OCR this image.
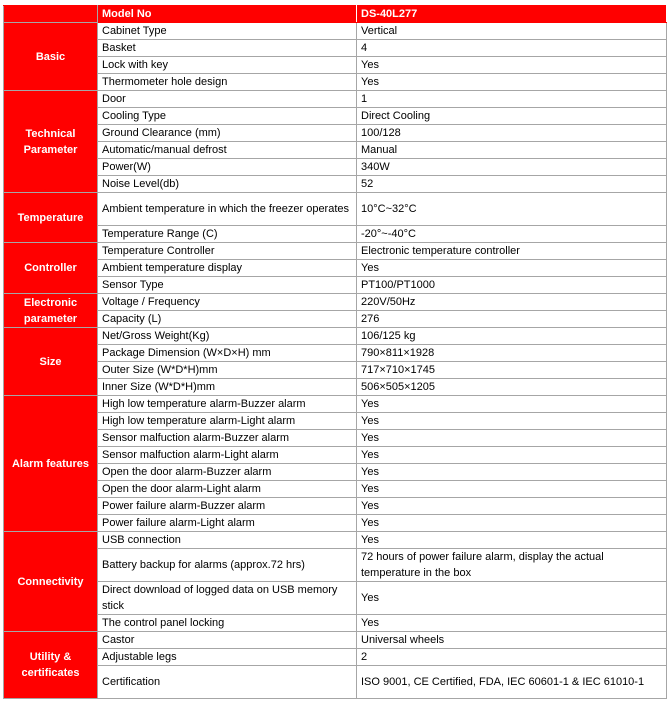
	Model No	DS-40L277
Basic	Cabinet Type	Vertical
	Basket	4
	Lock with key	Yes
	Thermometer hole design	Yes
Technical Parameter	Door	1
	Cooling Type	Direct Cooling
	Ground Clearance (mm)	100/128
	Automatic/manual defrost	Manual
	Power(W)	340W
	Noise Level(db)	52
Temperature	Ambient temperature in which the freezer operates	10°C~32°C
	Temperature Range (C)	-20°~-40°C
Controller	Temperature Controller	Electronic temperature controller
	Ambient temperature display	Yes
	Sensor Type	PT100/PT1000
Electronic parameter	Voltage / Frequency	220V/50Hz
	Capacity (L)	276
Size	Net/Gross Weight(Kg)	106/125 kg
	Package Dimension (W×D×H) mm	790×811×1928
	Outer Size (W*D*H)mm	717×710×1745
	Inner Size (W*D*H)mm	506×505×1205
Alarm features	High low temperature alarm-Buzzer alarm	Yes
	High low temperature alarm-Light alarm	Yes
	Sensor malfuction alarm-Buzzer alarm	Yes
	Sensor malfuction alarm-Light alarm	Yes
	Open the door alarm-Buzzer alarm	Yes
	Open the door alarm-Light alarm	Yes
	Power failure alarm-Buzzer alarm	Yes
	Power failure alarm-Light alarm	Yes
Connectivity	USB connection	Yes
	Battery backup for alarms (approx.72 hrs)	72 hours of power failure alarm, display the actual temperature in the box
	Direct download of logged data on USB memory stick	Yes
	The control panel locking	Yes
Utility & certificates	Castor	Universal wheels
	Adjustable legs	2
	Certification	ISO 9001, CE Certified, FDA, IEC 60601-1 & IEC 61010-1
